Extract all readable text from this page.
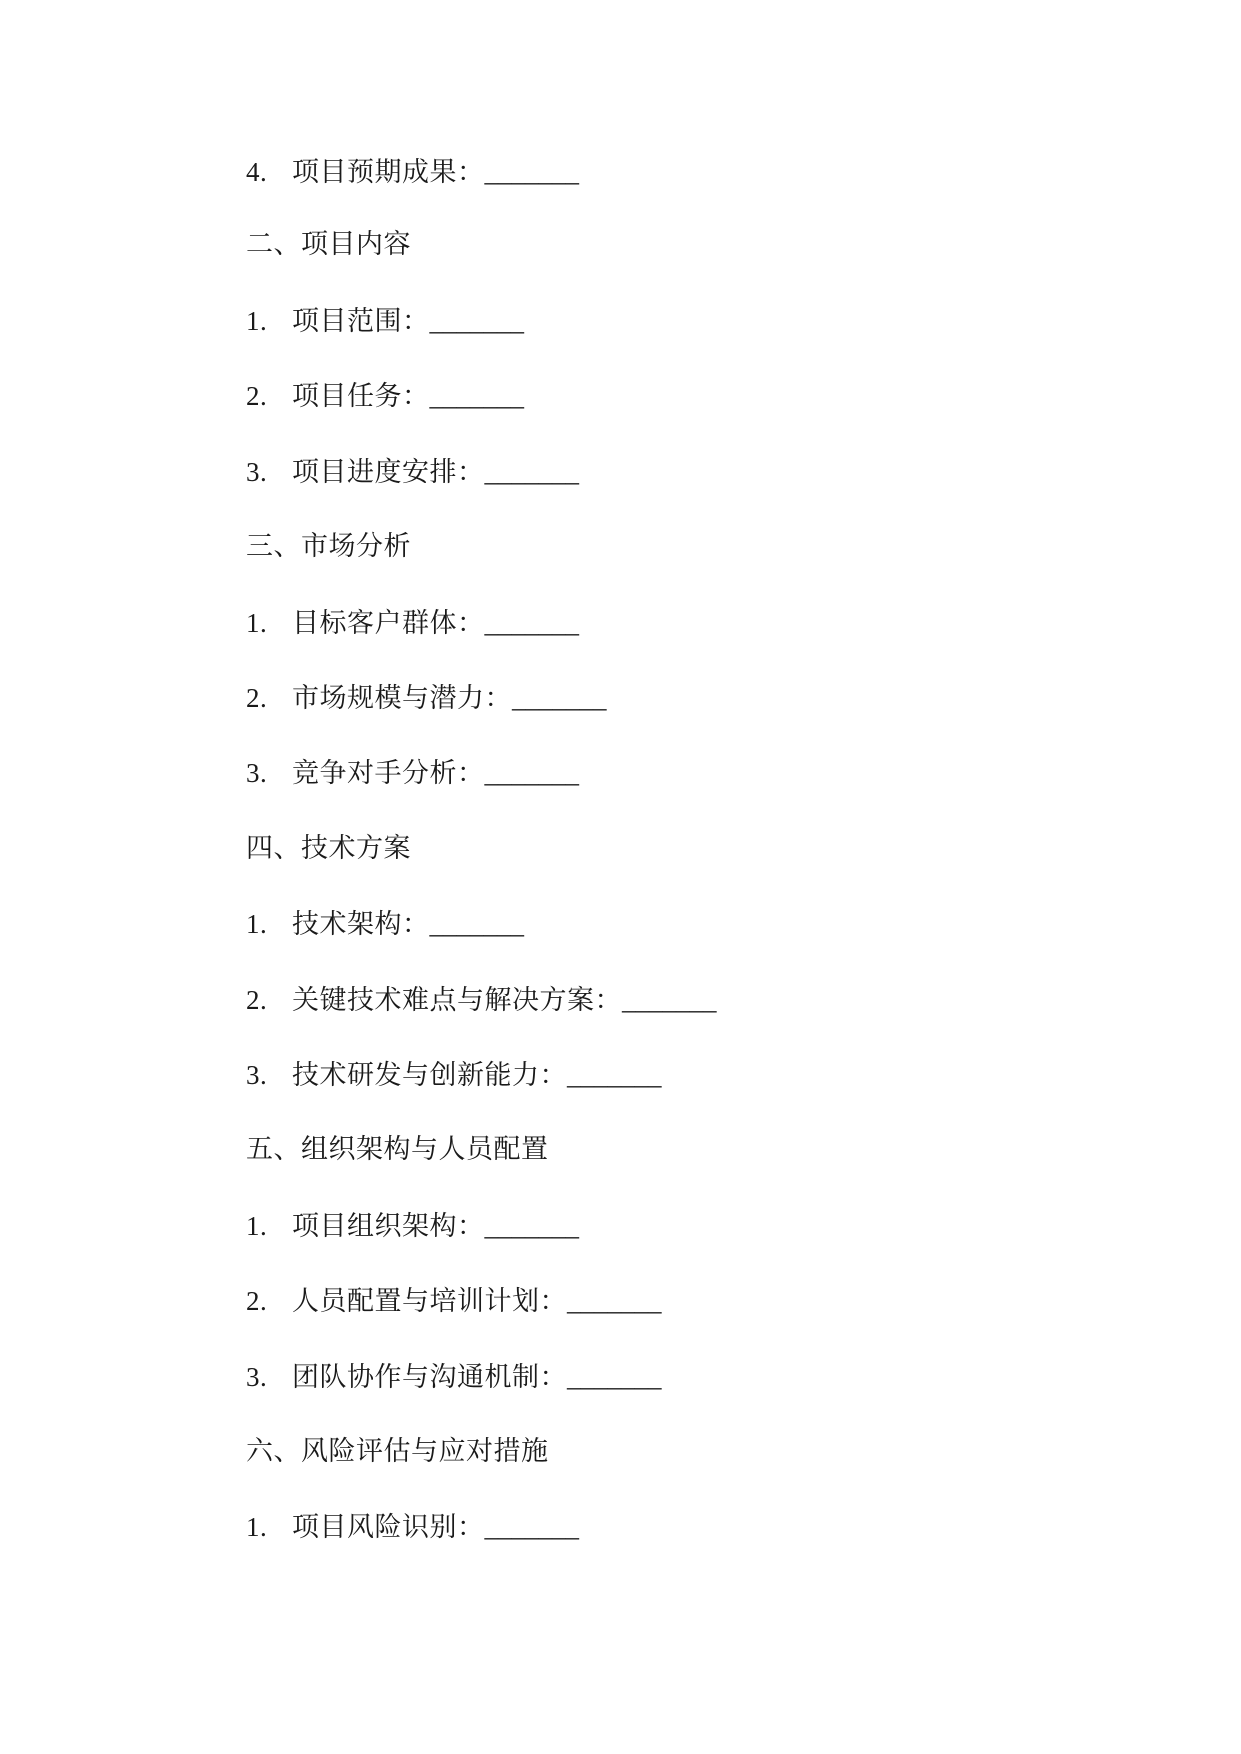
4. 项目预期成果：_______
二、项目内容
1. 项目范围：_______
2. 项目任务：_______
3. 项目进度安排：_______
三、市场分析
1. 目标客户群体：_______
2. 市场规模与潜力：_______
3. 竞争对手分析：_______
四、技术方案
1. 技术架构：_______
2. 关键技术难点与解决方案：_______
3. 技术研发与创新能力：_______
五、组织架构与人员配置
1. 项目组织架构：_______
2. 人员配置与培训计划：_______
3. 团队协作与沟通机制：_______
六、风险评估与应对措施
1. 项目风险识别：_______
